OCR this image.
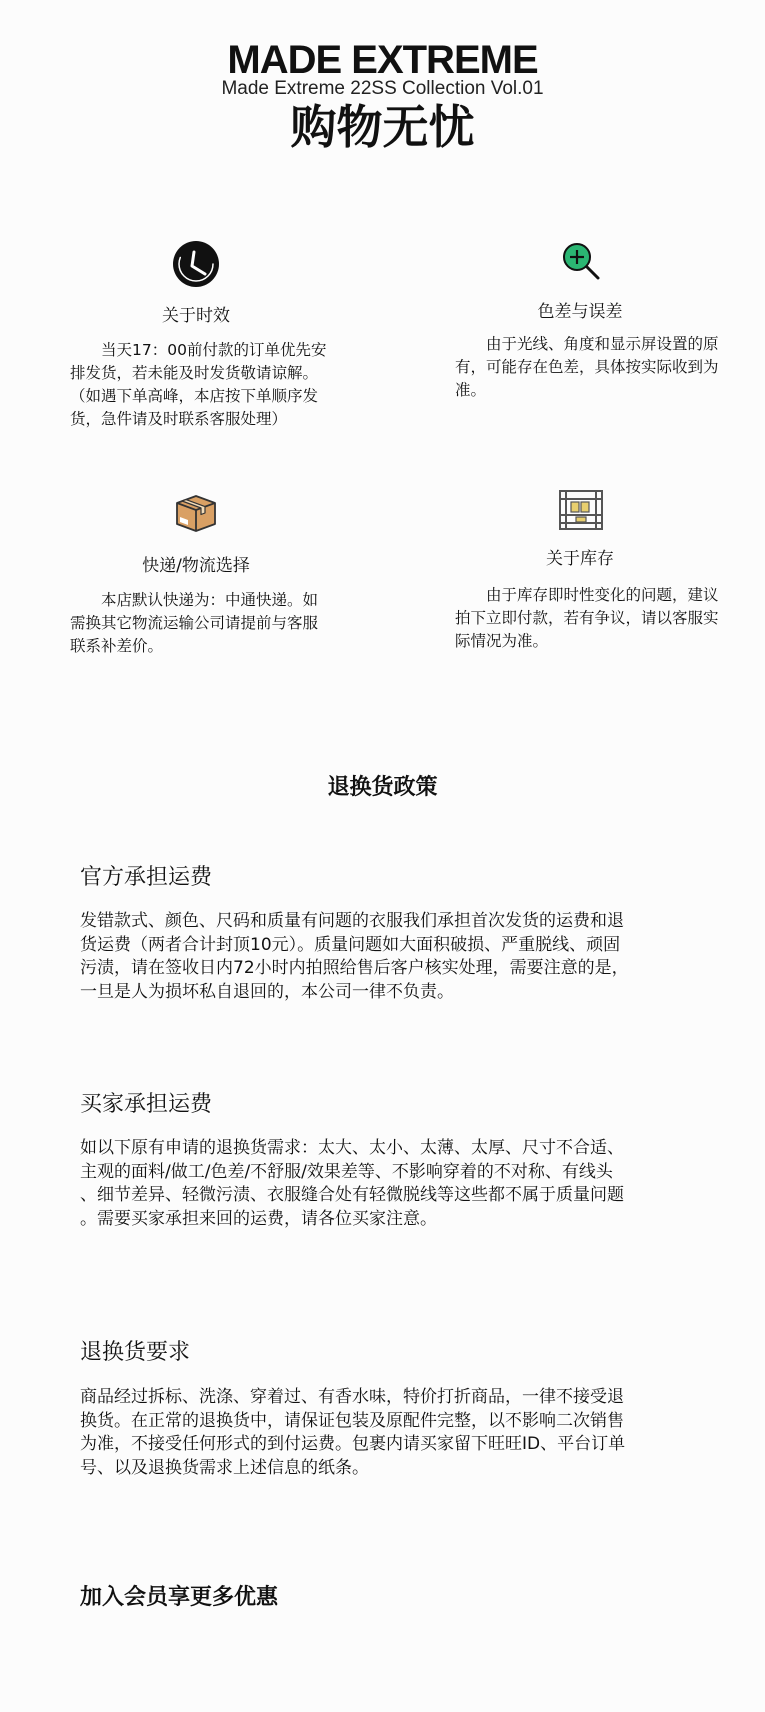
MADE EXTREME
Made Extreme 22SS Collection Vol.01
购物无忧
关于时效
当天17：00前付款的订单优先安排发货，若未能及时发货敬请谅解。（如遇下单高峰，本店按下单顺序发货，急件请及时联系客服处理）
色差与误差
由于光线、角度和显示屏设置的原有，可能存在色差，具体按实际收到为准。
快递/物流选择
本店默认快递为：中通快递。如需换其它物流运输公司请提前与客服联系补差价。
关于库存
由于库存即时性变化的问题，建议拍下立即付款，若有争议，请以客服实际情况为准。
退换货政策
官方承担运费
发错款式、颜色、尺码和质量有问题的衣服我们承担首次发货的运费和退
货运费（两者合计封顶10元）。质量问题如大面积破损、严重脱线、顽固
污渍，请在签收日内72小时内拍照给售后客户核实处理，需要注意的是，
一旦是人为损坏私自退回的，本公司一律不负责。
买家承担运费
如以下原有申请的退换货需求：太大、太小、太薄、太厚、尺寸不合适、
主观的面料/做工/色差/不舒服/效果差等、不影响穿着的不对称、有线头
、细节差异、轻微污渍、衣服缝合处有轻微脱线等这些都不属于质量问题
。需要买家承担来回的运费，请各位买家注意。
退换货要求
商品经过拆标、洗涤、穿着过、有香水味，特价打折商品，一律不接受退
换货。在正常的退换货中，请保证包装及原配件完整，以不影响二次销售
为准，不接受任何形式的到付运费。包裹内请买家留下旺旺ID、平台订单
号、以及退换货需求上述信息的纸条。
加入会员享更多优惠
